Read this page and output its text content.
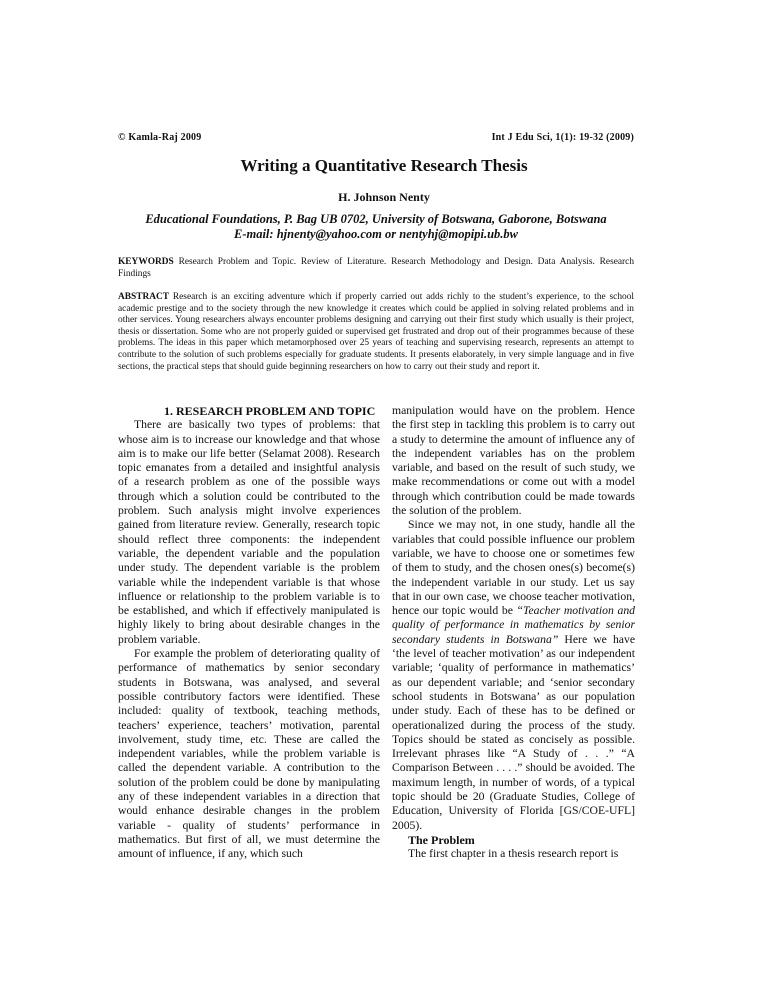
© Kamla-Raj 2009	Int J Edu Sci, 1(1): 19-32 (2009)
Writing a Quantitative Research Thesis
H. Johnson Nenty
Educational Foundations, P. Bag UB 0702, University of Botswana, Gaborone, Botswana
E-mail: hjnenty@yahoo.com or nentyhj@mopipi.ub.bw
KEYWORDS Research Problem and Topic. Review of Literature. Research Methodology and Design. Data Analysis. Research Findings
ABSTRACT Research is an exciting adventure which if properly carried out adds richly to the student’s experience, to the school academic prestige and to the society through the new knowledge it creates which could be applied in solving related problems and in other services. Young researchers always encounter problems designing and carrying out their first study which usually is their project, thesis or dissertation. Some who are not properly guided or supervised get frustrated and drop out of their programmes because of these problems. The ideas in this paper which metamorphosed over 25 years of teaching and supervising research, represents an attempt to contribute to the solution of such problems especially for graduate students. It presents elaborately, in very simple language and in five sections, the practical steps that should guide beginning researchers on how to carry out their study and report it.

1. RESEARCH PROBLEM AND TOPIC

There are basically two types of problems: that whose aim is to increase our knowledge and that whose aim is to make our life better (Selamat 2008). Research topic emanates from a detailed and insightful analysis of a research problem as one of the possible ways through which a solution could be contributed to the problem. Such analysis might involve experiences gained from literature review. Generally, research topic should reflect three components: the independent variable, the dependent variable and the population under study. The dependent variable is the problem variable while the independent variable is that whose influence or relationship to the problem variable is to be established, and which if effectively manipulated is highly likely to bring about desirable changes in the problem variable.

For example the problem of deteriorating quality of performance of mathematics by senior secondary students in Botswana, was analysed, and several possible contributory factors were identified. These included: quality of textbook, teaching methods, teachers’ experience, teachers’ motivation, parental involvement, study time, etc. These are called the independent variables, while the problem variable is called the dependent variable. A contribution to the solution of the problem could be done by manipulating any of these independent variables in a direction that would enhance desirable changes in the problem variable - quality of students’ performance in mathematics. But first of all, we must determine the amount of influence, if any, which such

manipulation would have on the problem. Hence the first step in tackling this problem is to carry out a study to determine the amount of influence any of the independent variables has on the problem variable, and based on the result of such study, we make recommendations or come out with a model through which contribution could be made towards the solution of the problem.

Since we may not, in one study, handle all the variables that could possible influence our problem variable, we have to choose one or sometimes few of them to study, and the chosen ones(s) become(s) the independent variable in our study. Let us say that in our own case, we choose teacher motivation, hence our topic would be “Teacher motivation and quality of performance in mathematics by senior secondary students in Botswana” Here we have ‘the level of teacher motivation’ as our independent variable; ‘quality of performance in mathematics’ as our dependent variable; and ‘senior secondary school students in Botswana’ as our population under study. Each of these has to be defined or operationalized during the process of the study. Topics should be stated as concisely as possible. Irrelevant phrases like “A Study of . . .” “A Comparison Between . . . .” should be avoided. The maximum length, in number of words, of a typical topic should be 20 (Graduate Studies, College of Education, University of Florida [GS/COE-UFL] 2005).

The Problem

The first chapter in a thesis research report is
